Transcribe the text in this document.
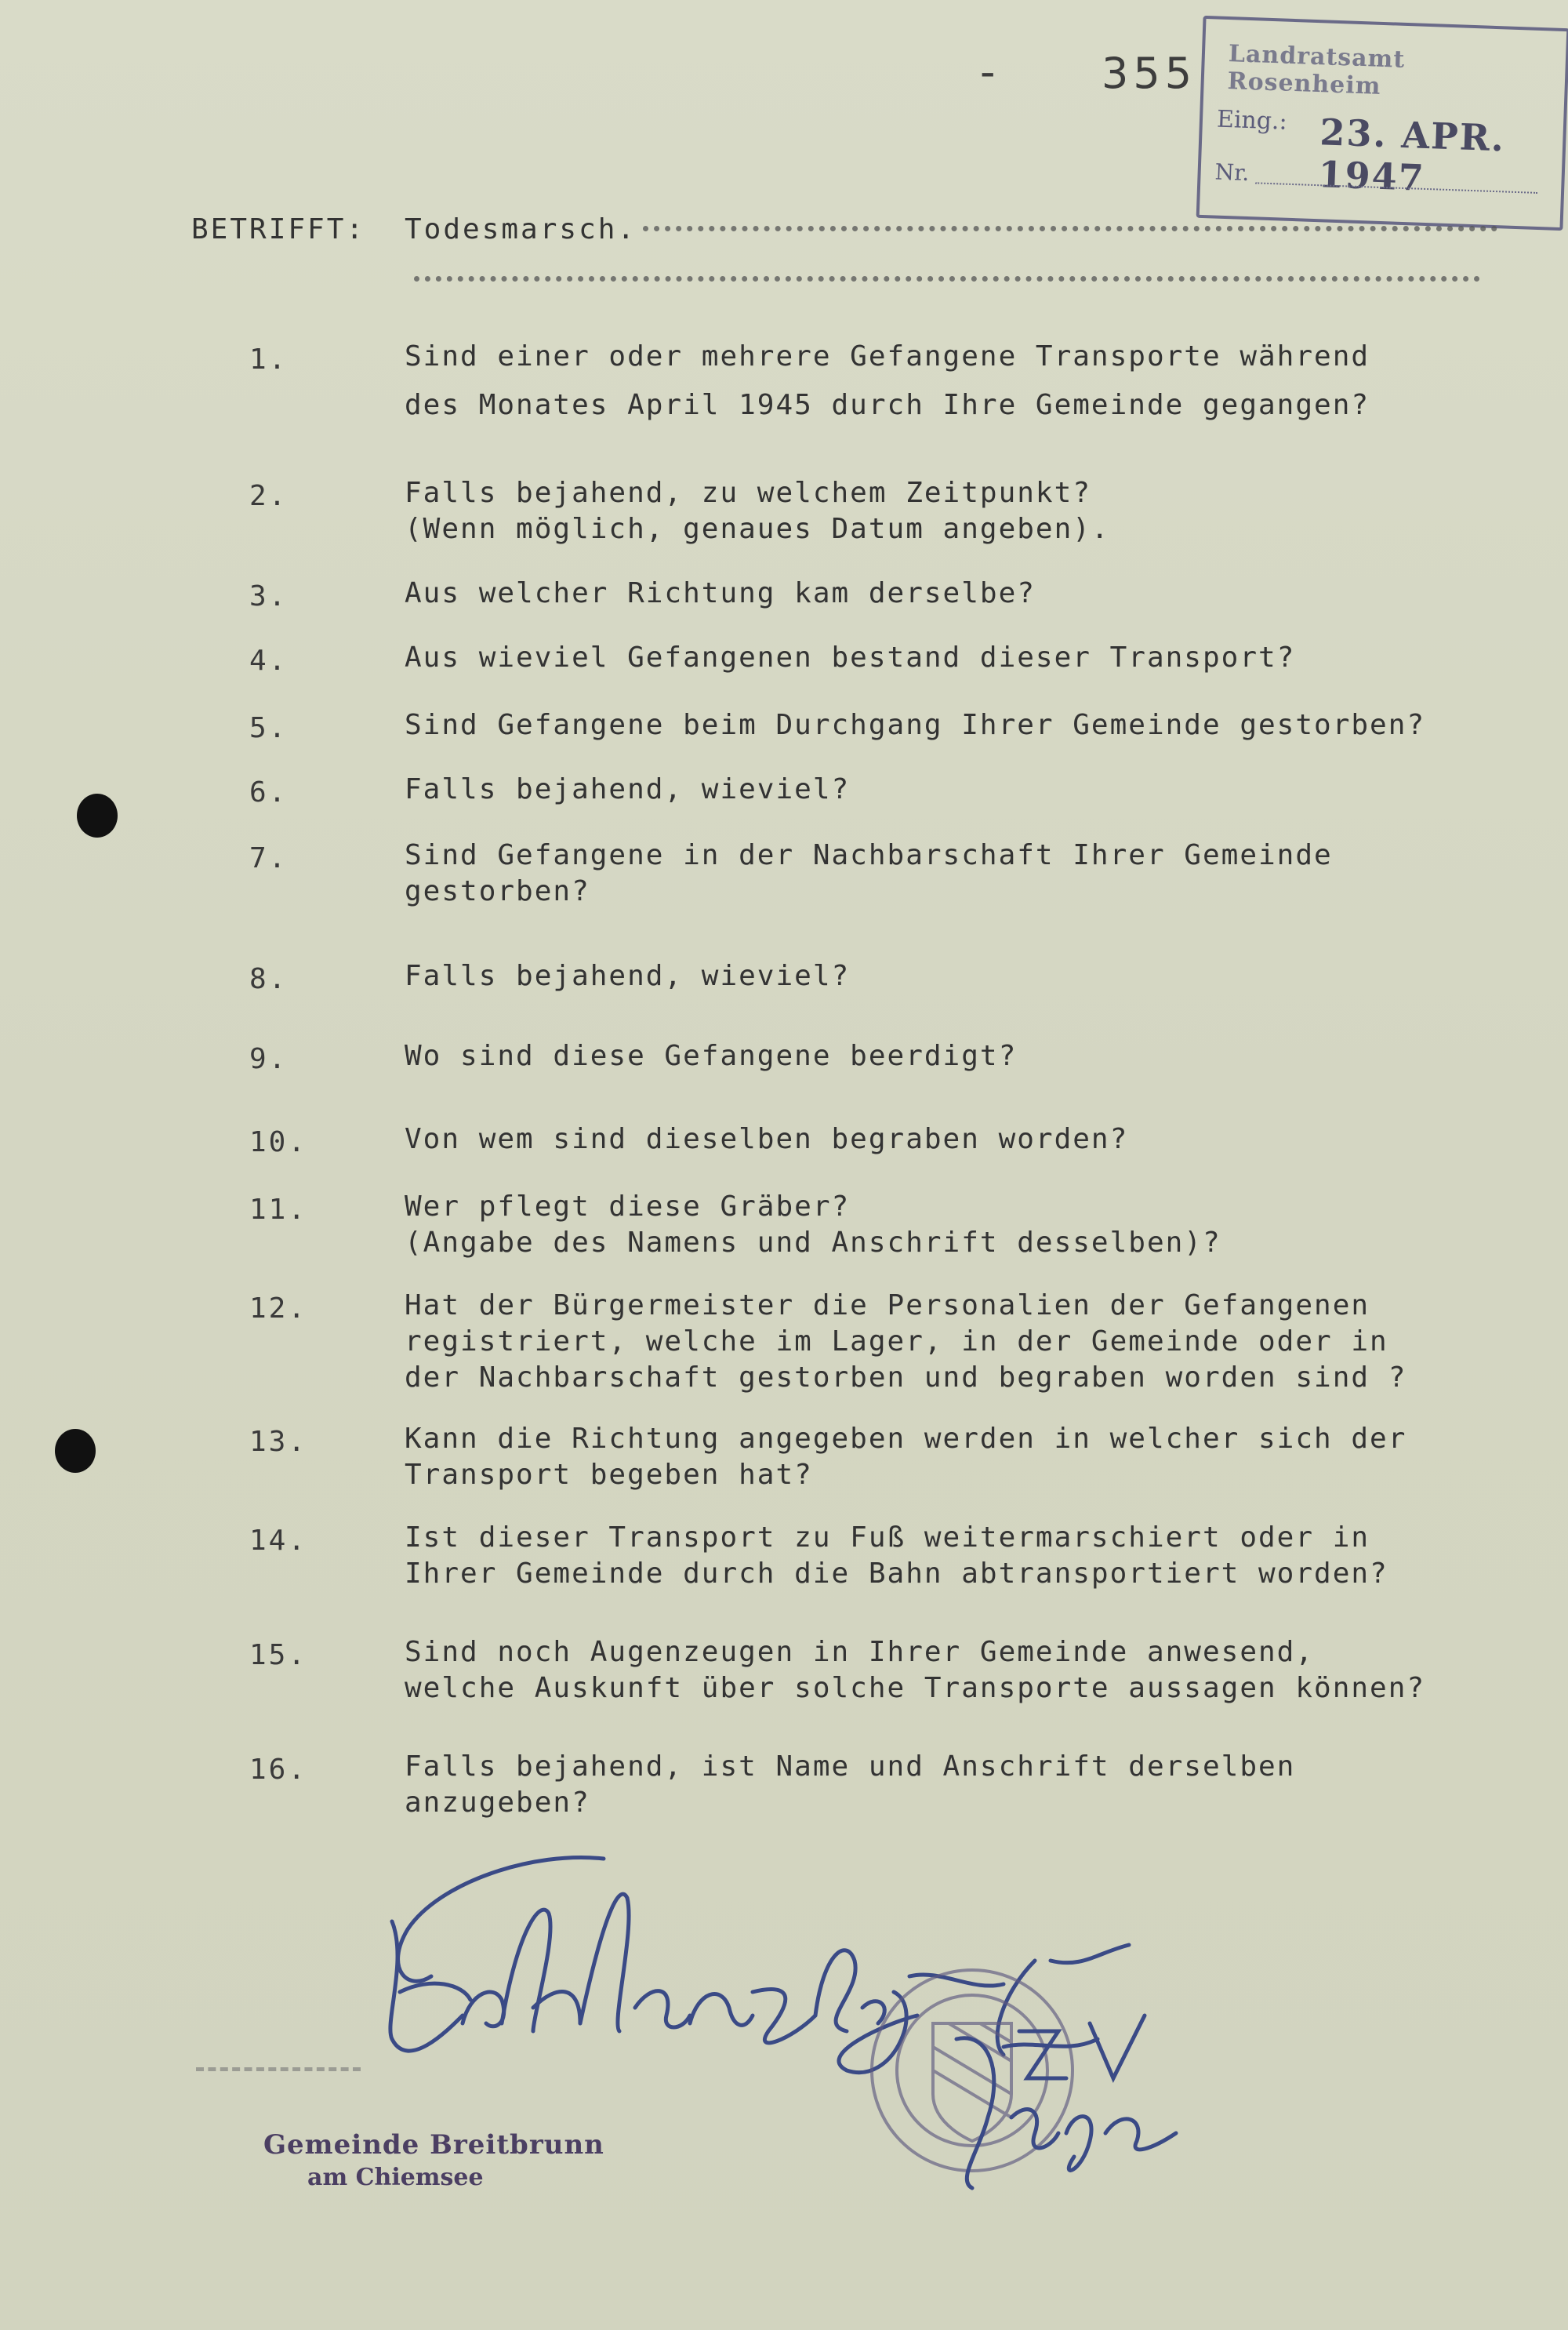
- 355 Landratsamt Rosenheim
Eing.: 23. APR. 1947
Nr.
BETRIFFT: Todesmarsch.
1.	Sind einer oder mehrere Gefangene Transporte während
des Monates April 1945 durch Ihre Gemeinde gegangen?
2.	Falls bejahend, zu welchem Zeitpunkt?
(Wenn möglich, genaues Datum angeben).
3.	Aus welcher Richtung kam derselbe?
4.	Aus wieviel Gefangenen bestand dieser Transport?
5.	Sind Gefangene beim Durchgang Ihrer Gemeinde gestorben?
6.	Falls bejahend, wieviel?
7.	Sind Gefangene in der Nachbarschaft Ihrer Gemeinde
gestorben?
8.	Falls bejahend, wieviel?
9.	Wo sind diese Gefangene beerdigt?
10.	Von wem sind dieselben begraben worden?
11.	Wer pflegt diese Gräber?
(Angabe des Namens und Anschrift desselben)?
12.	Hat der Bürgermeister die Personalien der Gefangenen
registriert, welche im Lager, in der Gemeinde oder in
der Nachbarschaft gestorben und begraben worden sind ?
13.	Kann die Richtung angegeben werden in welcher sich der
Transport begeben hat?
14.	Ist dieser Transport zu Fuß weitermarschiert oder in
Ihrer Gemeinde durch die Bahn abtransportiert worden?
15.	Sind noch Augenzeugen in Ihrer Gemeinde anwesend,
welche Auskunft über solche Transporte aussagen können?
16.	Falls bejahend, ist Name und Anschrift derselben
anzugeben?
Gemeinde Breitbrunn
am Chiemsee
